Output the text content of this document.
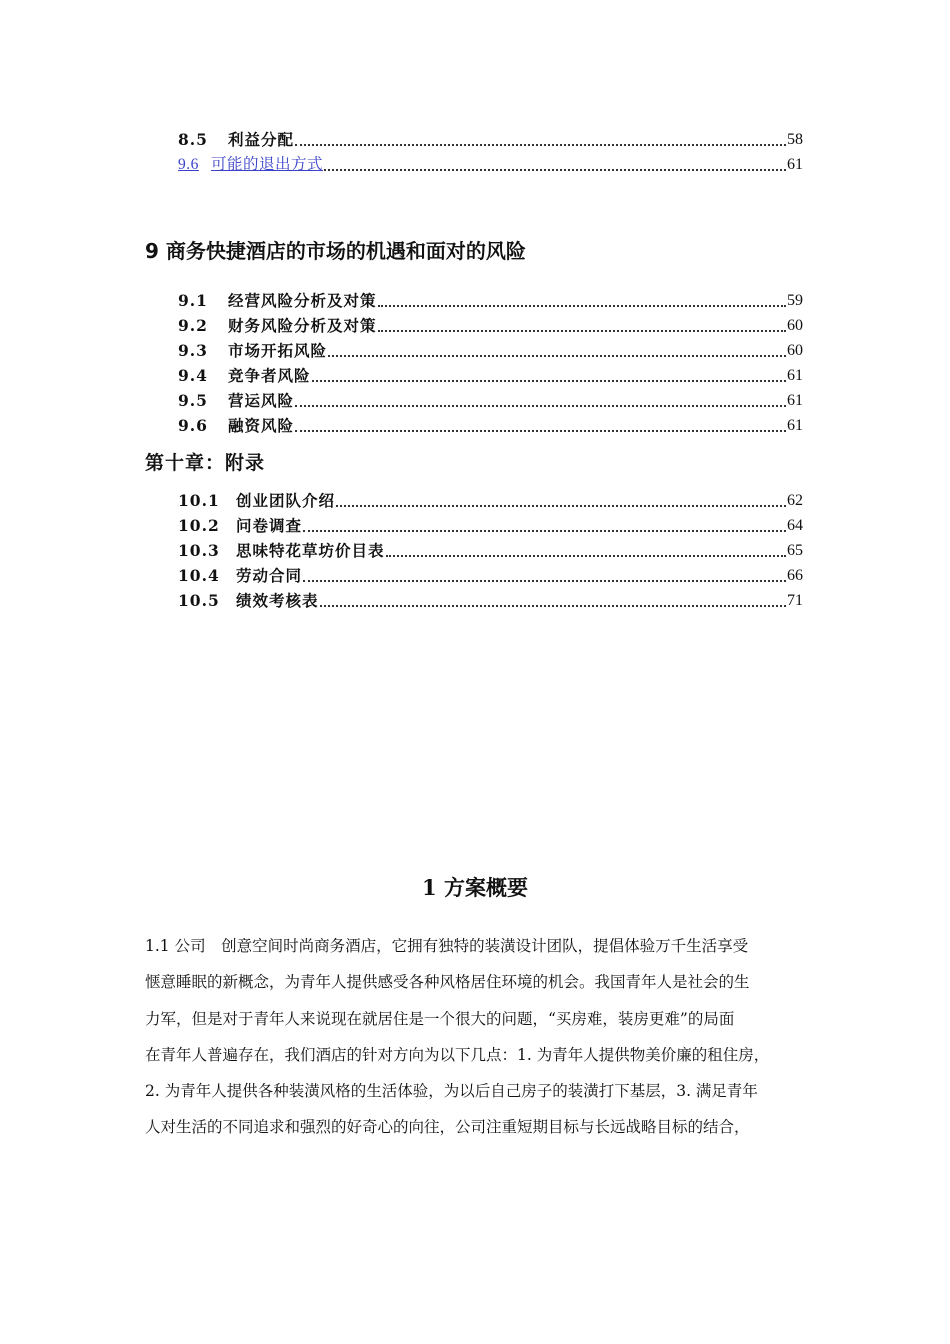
8.5	利益分配	58
9.6 可能的退出方式	61
9 商务快捷酒店的市场的机遇和面对的风险
9.1	经营风险分析及对策	59
9.2	财务风险分析及对策	60
9.3	市场开拓风险	60
9.4	竞争者风险	61
9.5	营运风险	61
9.6	融资风险	61
第十章：附录
10.1	创业团队介绍	62
10.2	问卷调查	64
10.3	思味特花草坊价目表	65
10.4	劳动合同	66
10.5	绩效考核表	71
1 方案概要
1.1 公司　创意空间时尚商务酒店，它拥有独特的装潢设计团队，提倡体验万千生活享受
惬意睡眠的新概念，为青年人提供感受各种风格居住环境的机会。我国青年人是社会的生
力军，但是对于青年人来说现在就居住是一个很大的问题，“买房难，装房更难”的局面
在青年人普遍存在，我们酒店的针对方向为以下几点：1. 为青年人提供物美价廉的租住房，
2. 为青年人提供各种装潢风格的生活体验，为以后自己房子的装潢打下基层，3. 满足青年
人对生活的不同追求和强烈的好奇心的向往，公司注重短期目标与长远战略目标的结合，
